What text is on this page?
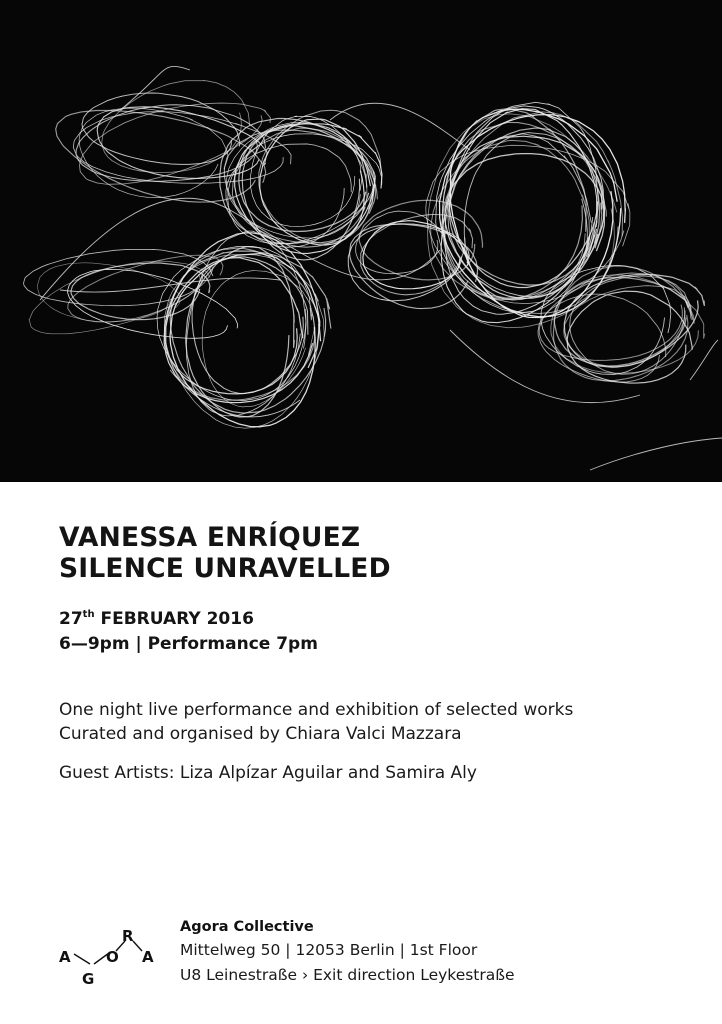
VANESSA ENRÍQUEZ
SILENCE UNRAVELLED
27th FEBRUARY 2016
6—9pm | Performance 7pm
One night live performance and exhibition of selected works
Curated and organised by Chiara Valci Mazzara
Guest Artists: Liza Alpízar Aguilar and Samira Aly
A
G
O
R
A
Agora Collective
Mittelweg 50 | 12053 Berlin | 1st Floor
U8 Leinestraße › Exit direction Leykestraße
